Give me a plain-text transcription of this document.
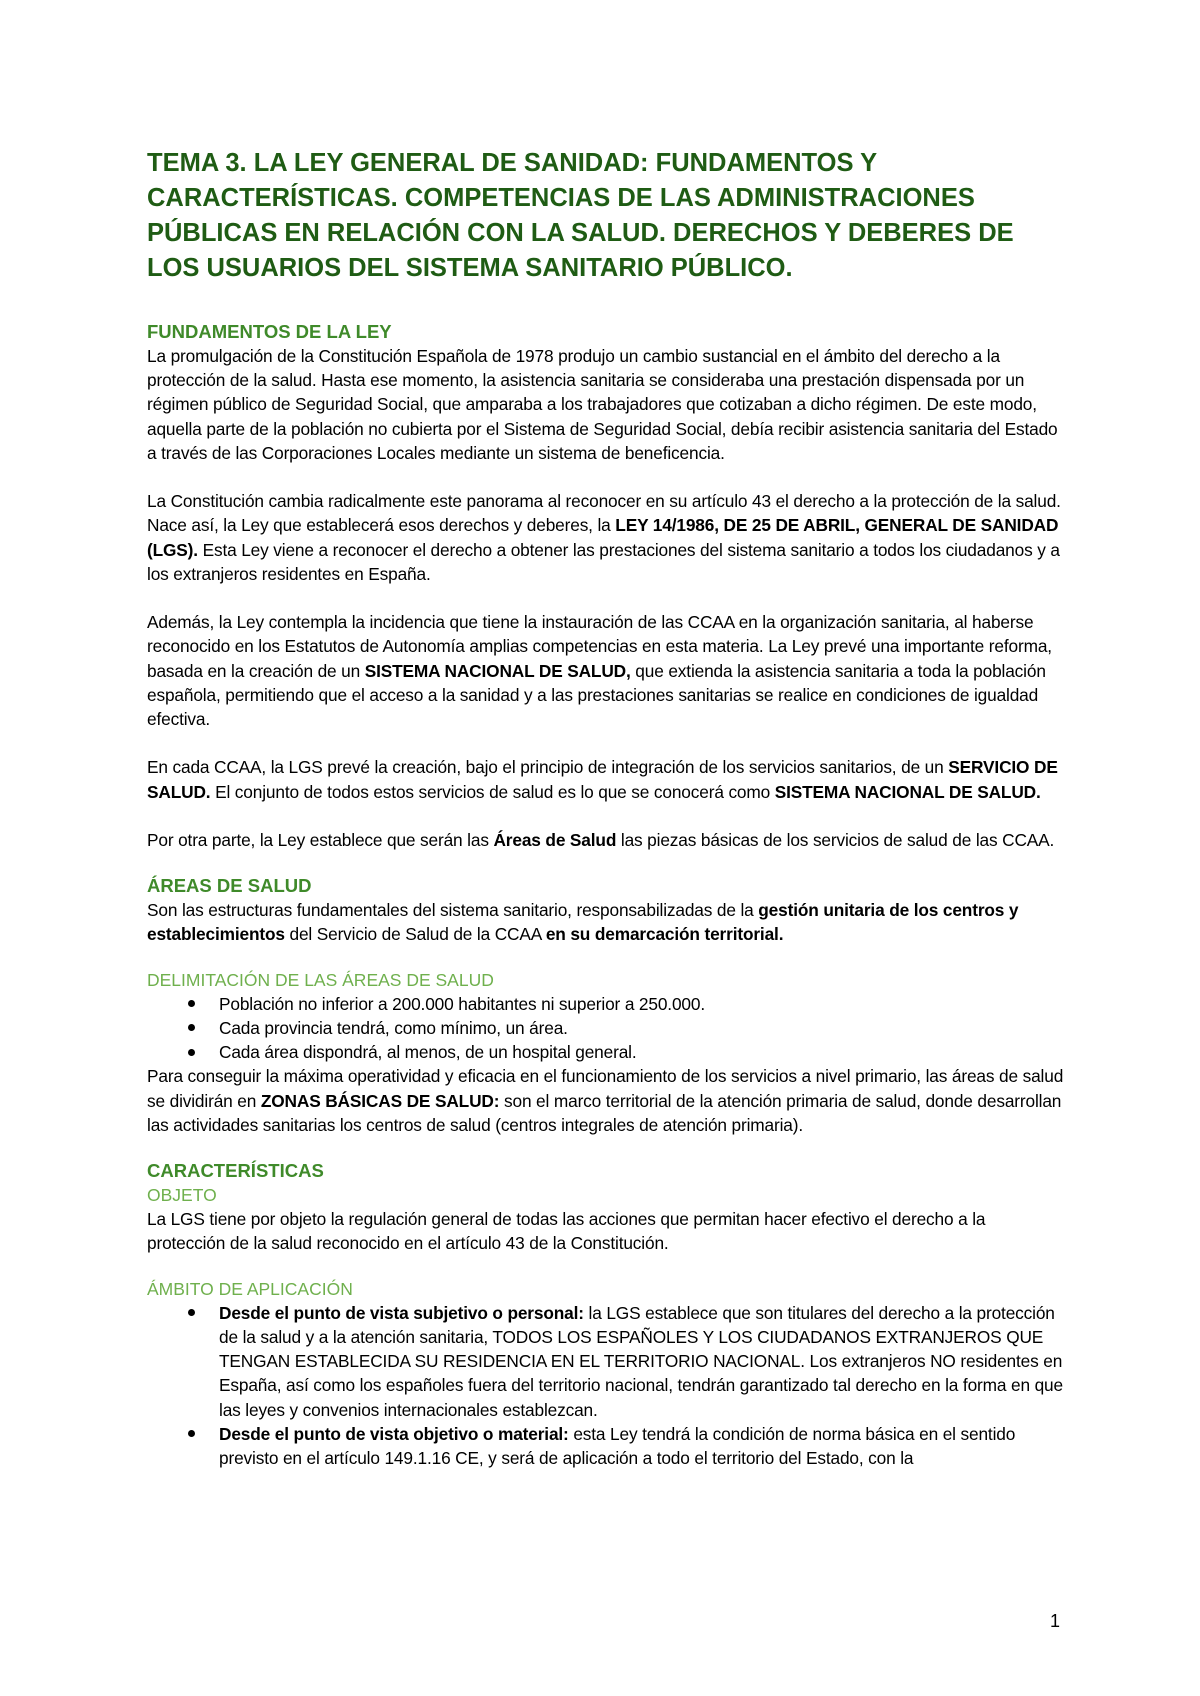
TEMA 3. LA LEY GENERAL DE SANIDAD: FUNDAMENTOS Y CARACTERÍSTICAS. COMPETENCIAS DE LAS ADMINISTRACIONES PÚBLICAS EN RELACIÓN CON LA SALUD. DERECHOS Y DEBERES DE LOS USUARIOS DEL SISTEMA SANITARIO PÚBLICO.
FUNDAMENTOS DE LA LEY

La promulgación de la Constitución Española de 1978 produjo un cambio sustancial en el ámbito del derecho a la protección de la salud. Hasta ese momento, la asistencia sanitaria se consideraba una prestación dispensada por un régimen público de Seguridad Social, que amparaba a los trabajadores que cotizaban a dicho régimen. De este modo, aquella parte de la población no cubierta por el Sistema de Seguridad Social, debía recibir asistencia sanitaria del Estado a través de las Corporaciones Locales mediante un sistema de beneficencia.

La Constitución cambia radicalmente este panorama al reconocer en su artículo 43 el derecho a la protección de la salud. Nace así, la Ley que establecerá esos derechos y deberes, la LEY 14/1986, DE 25 DE ABRIL, GENERAL DE SANIDAD (LGS). Esta Ley viene a reconocer el derecho a obtener las prestaciones del sistema sanitario a todos los ciudadanos y a los extranjeros residentes en España.

Además, la Ley contempla la incidencia que tiene la instauración de las CCAA en la organización sanitaria, al haberse reconocido en los Estatutos de Autonomía amplias competencias en esta materia. La Ley prevé una importante reforma, basada en la creación de un SISTEMA NACIONAL DE SALUD, que extienda la asistencia sanitaria a toda la población española, permitiendo que el acceso a la sanidad y a las prestaciones sanitarias se realice en condiciones de igualdad efectiva.

En cada CCAA, la LGS prevé la creación, bajo el principio de integración de los servicios sanitarios, de un SERVICIO DE SALUD. El conjunto de todos estos servicios de salud es lo que se conocerá como SISTEMA NACIONAL DE SALUD.

Por otra parte, la Ley establece que serán las Áreas de Salud las piezas básicas de los servicios de salud de las CCAA.

ÁREAS DE SALUD

Son las estructuras fundamentales del sistema sanitario, responsabilizadas de la gestión unitaria de los centros y establecimientos del Servicio de Salud de la CCAA en su demarcación territorial.

DELIMITACIÓN DE LAS ÁREAS DE SALUD
Población no inferior a 200.000 habitantes ni superior a 250.000.
Cada provincia tendrá, como mínimo, un área.
Cada área dispondrá, al menos, de un hospital general.

Para conseguir la máxima operatividad y eficacia en el funcionamiento de los servicios a nivel primario, las áreas de salud se dividirán en ZONAS BÁSICAS DE SALUD: son el marco territorial de la atención primaria de salud, donde desarrollan las actividades sanitarias los centros de salud (centros integrales de atención primaria).

CARACTERÍSTICAS
OBJETO

La LGS tiene por objeto la regulación general de todas las acciones que permitan hacer efectivo el derecho a la protección de la salud reconocido en el artículo 43 de la Constitución.

ÁMBITO DE APLICACIÓN
Desde el punto de vista subjetivo o personal: la LGS establece que son titulares del derecho a la protección de la salud y a la atención sanitaria, TODOS LOS ESPAÑOLES Y LOS CIUDADANOS EXTRANJEROS QUE TENGAN ESTABLECIDA SU RESIDENCIA EN EL TERRITORIO NACIONAL. Los extranjeros NO residentes en España, así como los españoles fuera del territorio nacional, tendrán garantizado tal derecho en la forma en que las leyes y convenios internacionales establezcan.
Desde el punto de vista objetivo o material: esta Ley tendrá la condición de norma básica en el sentido previsto en el artículo 149.1.16 CE, y será de aplicación a todo el territorio del Estado, con la
1
